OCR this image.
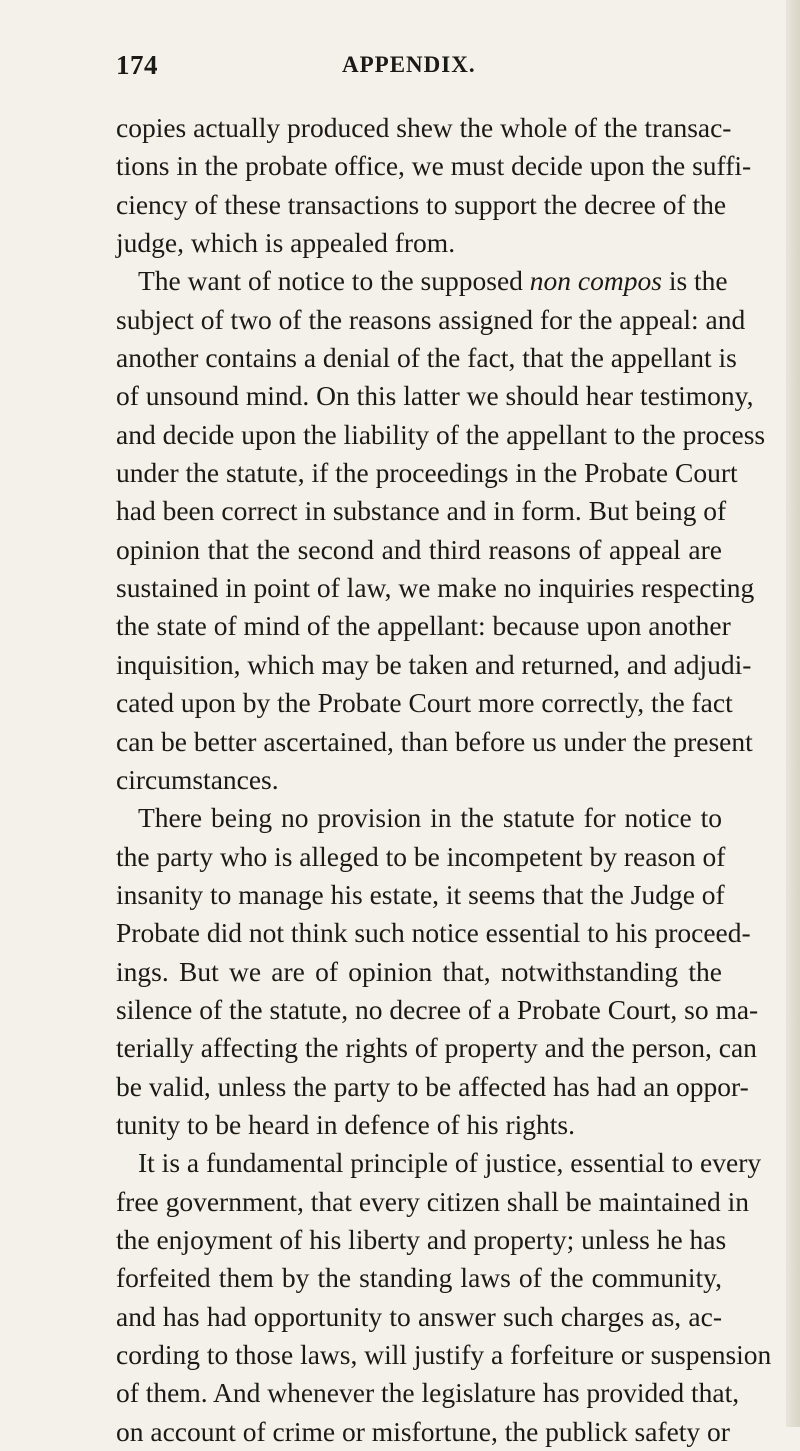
174	APPENDIX.
copies actually produced shew the whole of the transac-
tions in the probate office, we must decide upon the suffi-
ciency of these transactions to support the decree of the
judge, which is appealed from.
The want of notice to the supposed non compos is the
subject of two of the reasons assigned for the appeal: and
another contains a denial of the fact, that the appellant is
of unsound mind. On this latter we should hear testimony,
and decide upon the liability of the appellant to the process
under the statute, if the proceedings in the Probate Court
had been correct in substance and in form. But being of
opinion that the second and third reasons of appeal are
sustained in point of law, we make no inquiries respecting
the state of mind of the appellant: because upon another
inquisition, which may be taken and returned, and adjudi-
cated upon by the Probate Court more correctly, the fact
can be better ascertained, than before us under the present
circumstances.
There being no provision in the statute for notice to
the party who is alleged to be incompetent by reason of
insanity to manage his estate, it seems that the Judge of
Probate did not think such notice essential to his proceed-
ings. But we are of opinion that, notwithstanding the
silence of the statute, no decree of a Probate Court, so ma-
terially affecting the rights of property and the person, can
be valid, unless the party to be affected has had an oppor-
tunity to be heard in defence of his rights.
It is a fundamental principle of justice, essential to every
free government, that every citizen shall be maintained in
the enjoyment of his liberty and property; unless he has
forfeited them by the standing laws of the community,
and has had opportunity to answer such charges as, ac-
cording to those laws, will justify a forfeiture or suspension
of them. And whenever the legislature has provided that,
on account of crime or misfortune, the publick safety or
